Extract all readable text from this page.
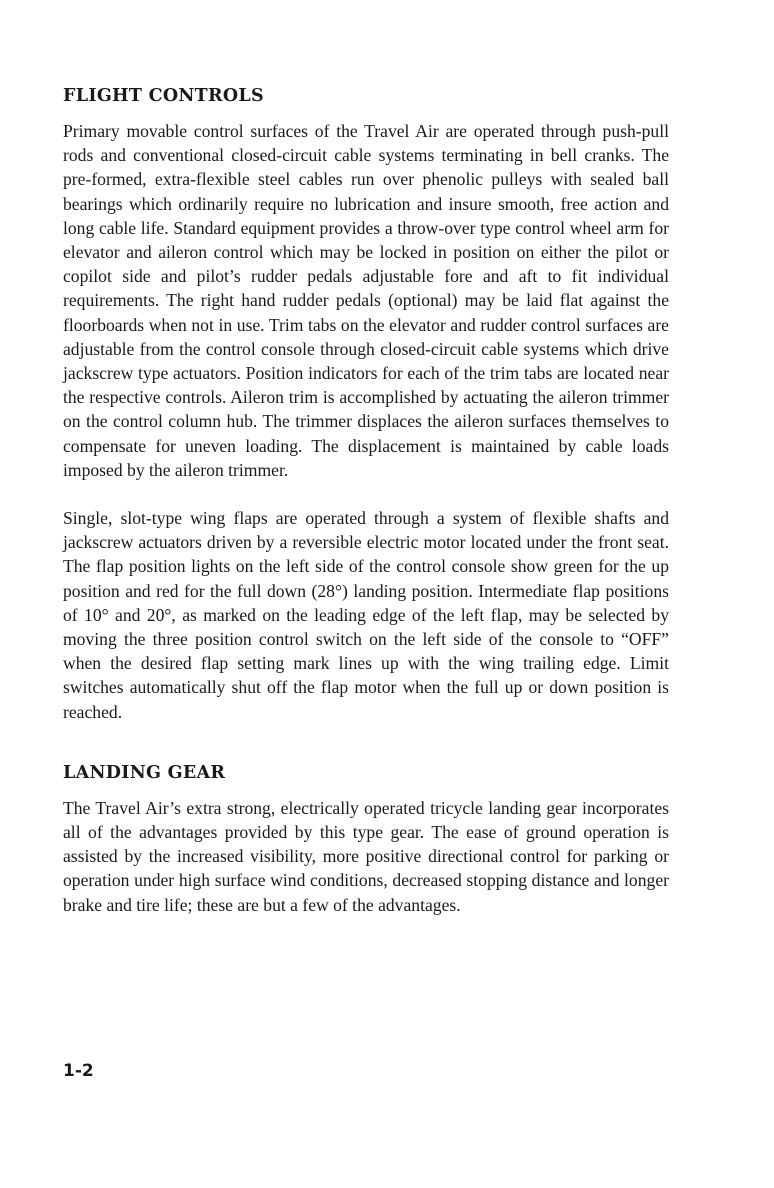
FLIGHT CONTROLS

Primary movable control surfaces of the Travel Air are operated through push-pull rods and conventional closed-circuit cable systems terminating in bell cranks. The pre-formed, extra-flexible steel cables run over phenolic pulleys with sealed ball bearings which ordinarily require no lubrication and insure smooth, free action and long cable life. Standard equipment provides a throw-over type control wheel arm for elevator and aileron control which may be locked in position on either the pilot or copilot side and pilot’s rudder pedals adjustable fore and aft to fit individual requirements. The right hand rudder pedals (optional) may be laid flat against the floorboards when not in use. Trim tabs on the elevator and rudder control surfaces are adjustable from the control console through closed-circuit cable systems which drive jackscrew type actuators. Position indicators for each of the trim tabs are located near the respective controls. Aileron trim is accomplished by actuating the aileron trimmer on the control column hub. The trimmer displaces the aileron surfaces themselves to compensate for uneven loading. The displacement is maintained by cable loads imposed by the aileron trimmer.

Single, slot-type wing flaps are operated through a system of flexible shafts and jackscrew actuators driven by a reversible electric motor located under the front seat. The flap position lights on the left side of the control console show green for the up position and red for the full down (28°) landing position. Intermediate flap positions of 10° and 20°, as marked on the leading edge of the left flap, may be selected by moving the three position control switch on the left side of the console to “OFF” when the desired flap setting mark lines up with the wing trailing edge. Limit switches automatically shut off the flap motor when the full up or down position is reached.

LANDING GEAR

The Travel Air’s extra strong, electrically operated tricycle landing gear incorporates all of the advantages provided by this type gear. The ease of ground operation is assisted by the increased visibility, more positive directional control for parking or operation under high surface wind conditions, decreased stopping distance and longer brake and tire life; these are but a few of the advantages.

1-2
